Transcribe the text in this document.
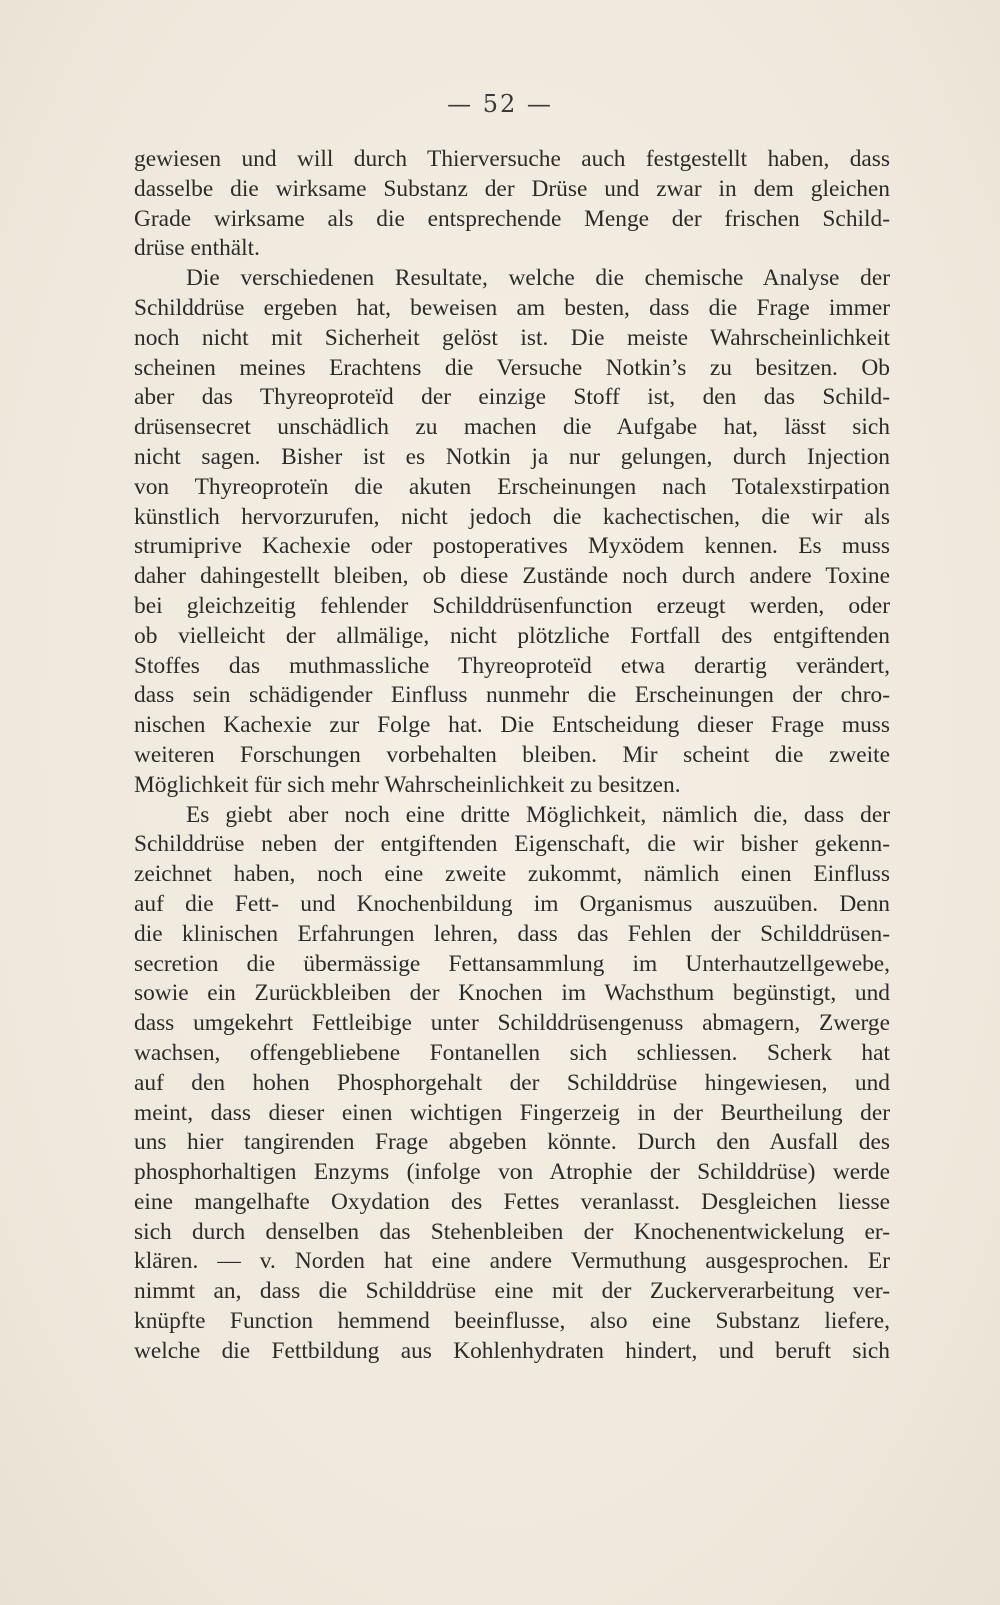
— 52 —
gewiesen und will durch Thierversuche auch festgestellt haben, dass
dasselbe die wirksame Substanz der Drüse und zwar in dem gleichen
Grade wirksame als die entsprechende Menge der frischen Schild-
drüse enthält.
Die verschiedenen Resultate, welche die chemische Analyse der
Schilddrüse ergeben hat, beweisen am besten, dass die Frage immer
noch nicht mit Sicherheit gelöst ist. Die meiste Wahrscheinlichkeit
scheinen meines Erachtens die Versuche Notkin’s zu besitzen. Ob
aber das Thyreoproteïd der einzige Stoff ist, den das Schild-
drüsensecret unschädlich zu machen die Aufgabe hat, lässt sich
nicht sagen. Bisher ist es Notkin ja nur gelungen, durch Injection
von Thyreoproteïn die akuten Erscheinungen nach Totalexstirpation
künstlich hervorzurufen, nicht jedoch die kachectischen, die wir als
strumiprive Kachexie oder postoperatives Myxödem kennen. Es muss
daher dahingestellt bleiben, ob diese Zustände noch durch andere Toxine
bei gleichzeitig fehlender Schilddrüsenfunction erzeugt werden, oder
ob vielleicht der allmälige, nicht plötzliche Fortfall des entgiftenden
Stoffes das muthmassliche Thyreoproteïd etwa derartig verändert,
dass sein schädigender Einfluss nunmehr die Erscheinungen der chro-
nischen Kachexie zur Folge hat. Die Entscheidung dieser Frage muss
weiteren Forschungen vorbehalten bleiben. Mir scheint die zweite
Möglichkeit für sich mehr Wahrscheinlichkeit zu besitzen.
Es giebt aber noch eine dritte Möglichkeit, nämlich die, dass der
Schilddrüse neben der entgiftenden Eigenschaft, die wir bisher gekenn-
zeichnet haben, noch eine zweite zukommt, nämlich einen Einfluss
auf die Fett- und Knochenbildung im Organismus auszuüben. Denn
die klinischen Erfahrungen lehren, dass das Fehlen der Schilddrüsen-
secretion die übermässige Fettansammlung im Unterhautzellgewebe,
sowie ein Zurückbleiben der Knochen im Wachsthum begünstigt, und
dass umgekehrt Fettleibige unter Schilddrüsengenuss abmagern, Zwerge
wachsen, offengebliebene Fontanellen sich schliessen. Scherk hat
auf den hohen Phosphorgehalt der Schilddrüse hingewiesen, und
meint, dass dieser einen wichtigen Fingerzeig in der Beurtheilung der
uns hier tangirenden Frage abgeben könnte. Durch den Ausfall des
phosphorhaltigen Enzyms (infolge von Atrophie der Schilddrüse) werde
eine mangelhafte Oxydation des Fettes veranlasst. Desgleichen liesse
sich durch denselben das Stehenbleiben der Knochenentwickelung er-
klären. — v. Norden hat eine andere Vermuthung ausgesprochen. Er
nimmt an, dass die Schilddrüse eine mit der Zuckerverarbeitung ver-
knüpfte Function hemmend beeinflusse, also eine Substanz liefere,
welche die Fettbildung aus Kohlenhydraten hindert, und beruft sich
